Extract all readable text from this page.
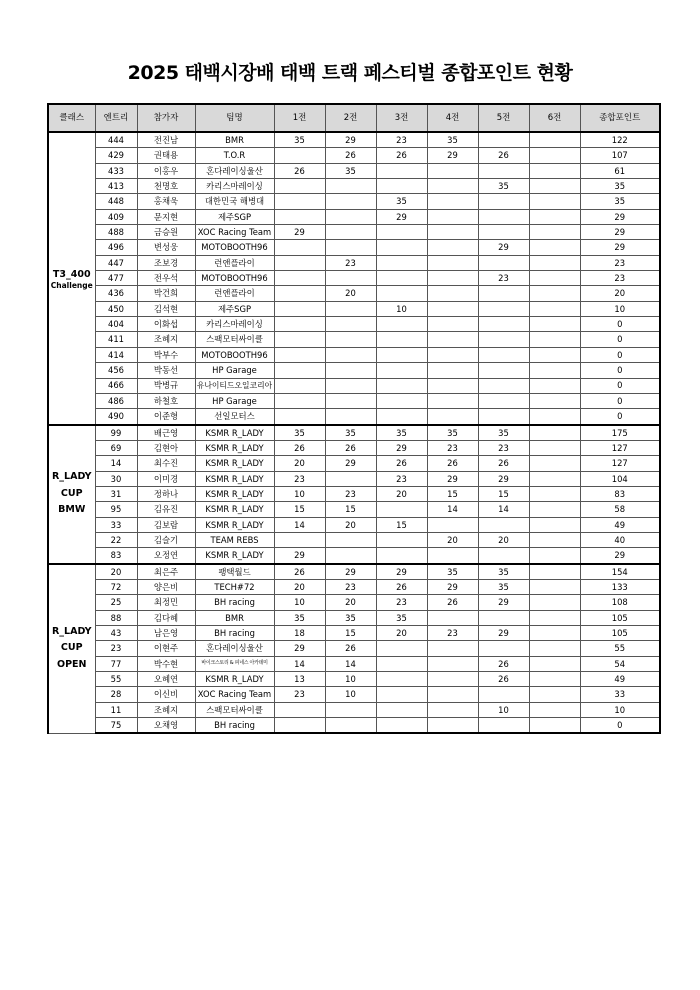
2025 태백시장배 태백 트랙 페스티벌 종합포인트 현황
클래스	엔트리	참가자	팀명	1전	2전	3전	4전	5전	6전	종합포인트
T3_400
Challenge	444	전진남	BMR	35	29	23	35			122
	429	권태용	T.O.R		26	26	29	26		107
	433	이홍우	혼다레이싱울산	26	35					61
	413	천명호	카리스마레이싱					35		35
	448	홍채욱	대한민국 해병대			35				35
	409	문지현	제주SGP			29				29
	488	금승원	XOC Racing Team	29						29
	496	변성웅	MOTOBOOTH96					29		29
	447	조보경	런앤플라이		23					23
	477	전우석	MOTOBOOTH96					23		23
	436	박건희	런앤플라이		20					20
	450	김석현	제주SGP			10				10
	404	이화섭	카리스마레이싱							0
	411	조혜지	스팩모터싸이클							0
	414	박부수	MOTOBOOTH96							0
	456	박동선	HP Garage							0
	466	박병규	유나이티드오일코리아							0
	486	하철호	HP Garage							0
	490	이준형	선일모터스							0

R_LADY CUP BMW	99	배근영	KSMR R_LADY	35	35	35	35	35		175
	69	김현아	KSMR R_LADY	26	26	29	23	23		127
	14	최수진	KSMR R_LADY	20	29	26	26	26		127
	30	이미경	KSMR R_LADY	23		23	29	29		104
	31	정하나	KSMR R_LADY	10	23	20	15	15		83
	95	김유진	KSMR R_LADY	15	15		14	14		58
	33	김보람	KSMR R_LADY	14	20	15				49
	22	김슬기	TEAM REBS				20	20		40
	83	오정연	KSMR R_LADY	29						29

R_LADY CUP OPEN	20	최은주	팽택월드	26	29	29	35	35		154
	72	양은비	TECH#72	20	23	26	29	35		133
	25	최정민	BH racing	10	20	23	26	29		108
	88	김다혜	BMR	35	35	35				105
	43	남은영	BH racing	18	15	20	23	29		105
	23	이현주	혼다레이싱울산	29	26					55
	77	박수현	바이크스토리 & 피네스 아카데미	14	14			26		54
	55	오혜연	KSMR R_LADY	13	10			26		49
	28	이신비	XOC Racing Team	23	10					33
	11	조혜지	스팩모터싸이클					10		10
	75	오채영	BH racing							0
